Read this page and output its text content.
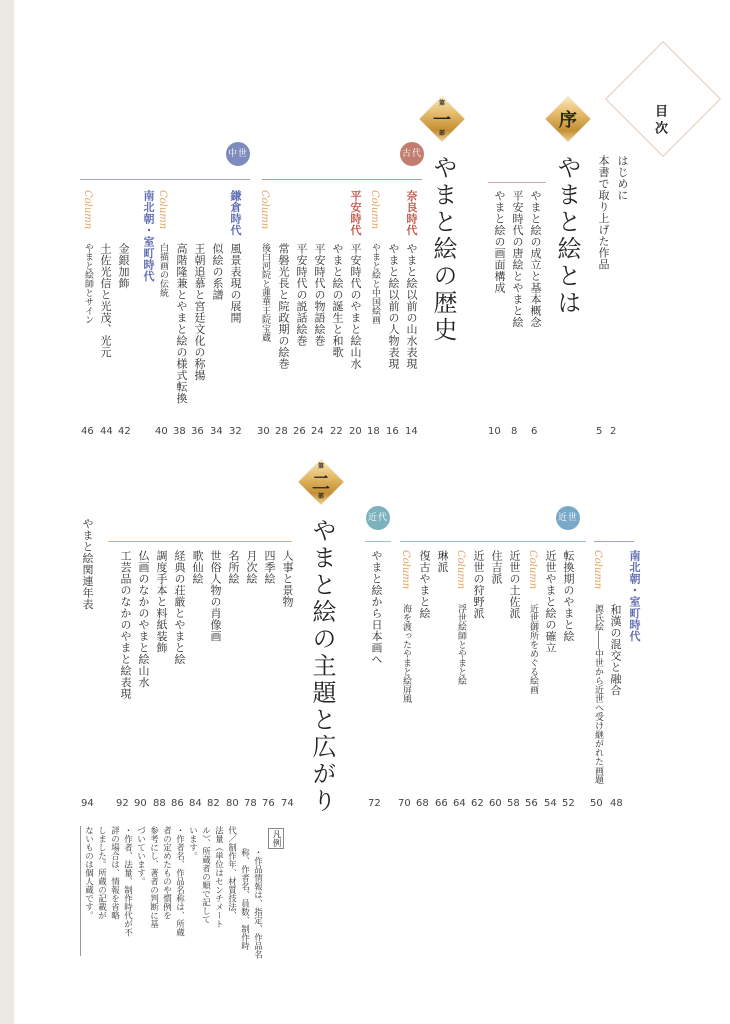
目次
はじめに
2
本書で取り上げた作品
5
序
やまと絵とは
やまと絵の成立と基本概念
6
平安時代の唐絵とやまと絵
8
やまと絵の画面構成
10
第
一
部
やまと絵の歴史
古代
奈良時代
やまと絵以前の山水表現
14
やまと絵以前の人物表現
16
Column
やまと絵と中国絵画
18
平安時代
平安時代のやまと絵山水
20
やまと絵の誕生と和歌
22
平安時代の物語絵巻
24
平安時代の説話絵巻
26
常磐光長と院政期の絵巻
28
Column
後白河院と蓮華王院宝蔵
30
中世
鎌倉時代
風景表現の展開
32
似絵の系譜
34
王朝追慕と宮廷文化の称揚
36
高階隆兼とやまと絵の様式転換
38
Column
白描画の伝統
40
南北朝・室町時代
金銀加飾
42
土佐光信と光茂、光元
44
Column
やまと絵師とサイン
46
南北朝・室町時代
和漢の混交と融合
48
Column
源氏絵――中世から近世へ受け継がれた画題
50
近世
転換期のやまと絵
52
近世やまと絵の確立
54
Column
近世御所をめぐる絵画
56
近世の土佐派
58
住吉派
60
近世の狩野派
62
Column
浮世絵師とやまと絵
64
琳派
66
復古やまと絵
68
Column
海を渡ったやまと絵屏風
70
近代
やまと絵から日本画へ
72
第
二
部
やまと絵の主題と広がり
人事と景物
74
四季絵
76
月次絵
78
名所絵
80
世俗人物の肖像画
82
歌仙絵
84
経典の荘厳とやまと絵
86
調度手本と料紙装飾
88
仏画のなかのやまと絵山水
90
工芸品のなかのやまと絵表現
92
やまと絵関連年表
94
凡例
・作品情報は、指定、作品名
称、作者名、員数、制作時
代／制作年、材質技法、
法量（単位はセンチメート
ル）、所蔵者の順で記して
います。
・作者名、作品名称は、所蔵
者の定めたものや慣例を
参考にし、著者の判断に基
づいています。
・作者、法量、制作時代が不
詳の場合は、情報を省略
しました。所蔵の記載が
ないものは個人蔵です。
